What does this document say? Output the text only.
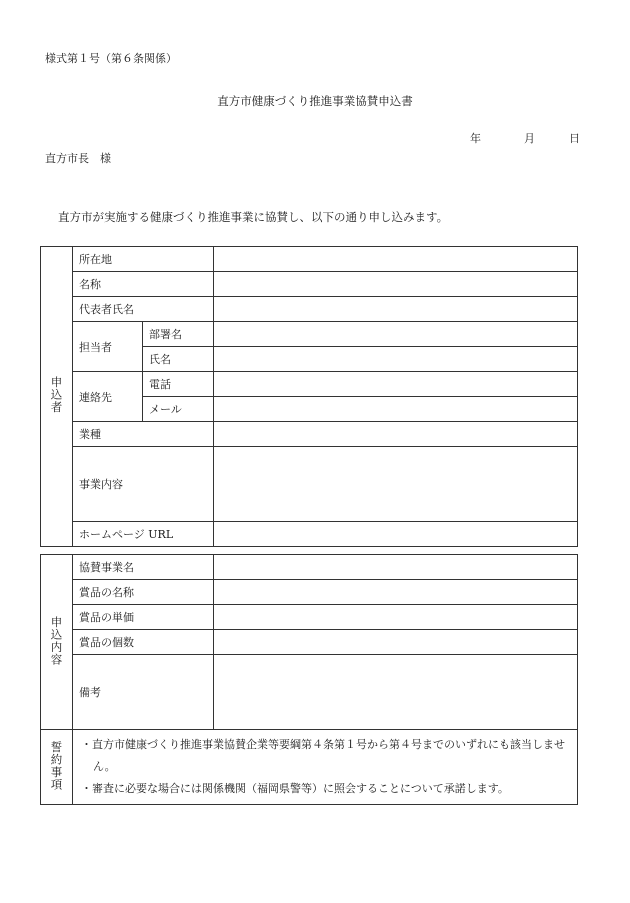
様式第１号（第６条関係）
直方市健康づくり推進事業協賛申込書
年	月	日
直方市長　様
直方市が実施する健康づくり推進事業に協賛し、以下の通り申し込みます。
申込者	所在地		
	名称		
	代表者氏名		
	担当者	部署名	
		氏名	
	連絡先	電話	
		メール	
	業種		
	事業内容		
	ホームページ URL		
申込内容	協賛事業名	
	賞品の名称	
	賞品の単価	
	賞品の個数	
	備考	
誓約事項	・直方市健康づくり推進事業協賛企業等要綱第４条第１号から第４号までのいずれにも該当しません。
・審査に必要な場合には関係機関（福岡県警等）に照会することについて承諾します。	
